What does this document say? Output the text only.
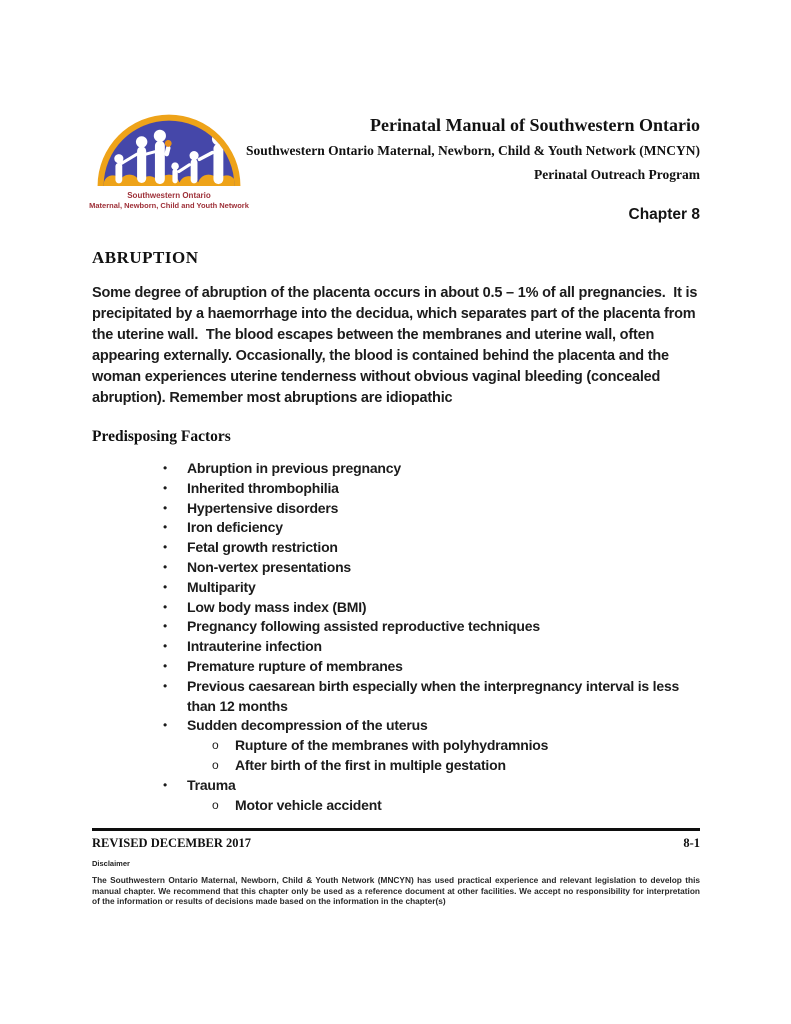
Southwestern Ontario
Maternal, Newborn, Child and Youth Network
Perinatal Manual of Southwestern Ontario
Southwestern Ontario Maternal, Newborn, Child & Youth Network (MNCYN)
Perinatal Outreach Program
Chapter 8
ABRUPTION

Some degree of abruption of the placenta occurs in about 0.5 – 1% of all pregnancies.  It is precipitated by a haemorrhage into the decidua, which separates part of the placenta from the uterine wall.  The blood escapes between the membranes and uterine wall, often appearing externally. Occasionally, the blood is contained behind the placenta and the woman experiences uterine tenderness without obvious vaginal bleeding (concealed abruption). Remember most abruptions are idiopathic

Predisposing Factors
•	Abruption in previous pregnancy
•	Inherited thrombophilia
•	Hypertensive disorders
•	Iron deficiency
•	Fetal growth restriction
•	Non-vertex presentations
•	Multiparity
•	Low body mass index (BMI)
•	Pregnancy following assisted reproductive techniques
•	Intrauterine infection
•	Premature rupture of membranes
•	Previous caesarean birth especially when the interpregnancy interval is less than 12 months
•	Sudden decompression of the uterus
o	Rupture of the membranes with polyhydramnios
o	After birth of the first in multiple gestation
•	Trauma
o	Motor vehicle accident
REVISED DECEMBER 2017	8-1
Disclaimer

The Southwestern Ontario Maternal, Newborn, Child & Youth Network (MNCYN) has used practical experience and relevant legislation to develop this manual chapter. We recommend that this chapter only be used as a reference document at other facilities. We accept no responsibility for interpretation of the information or results of decisions made based on the information in the chapter(s)
